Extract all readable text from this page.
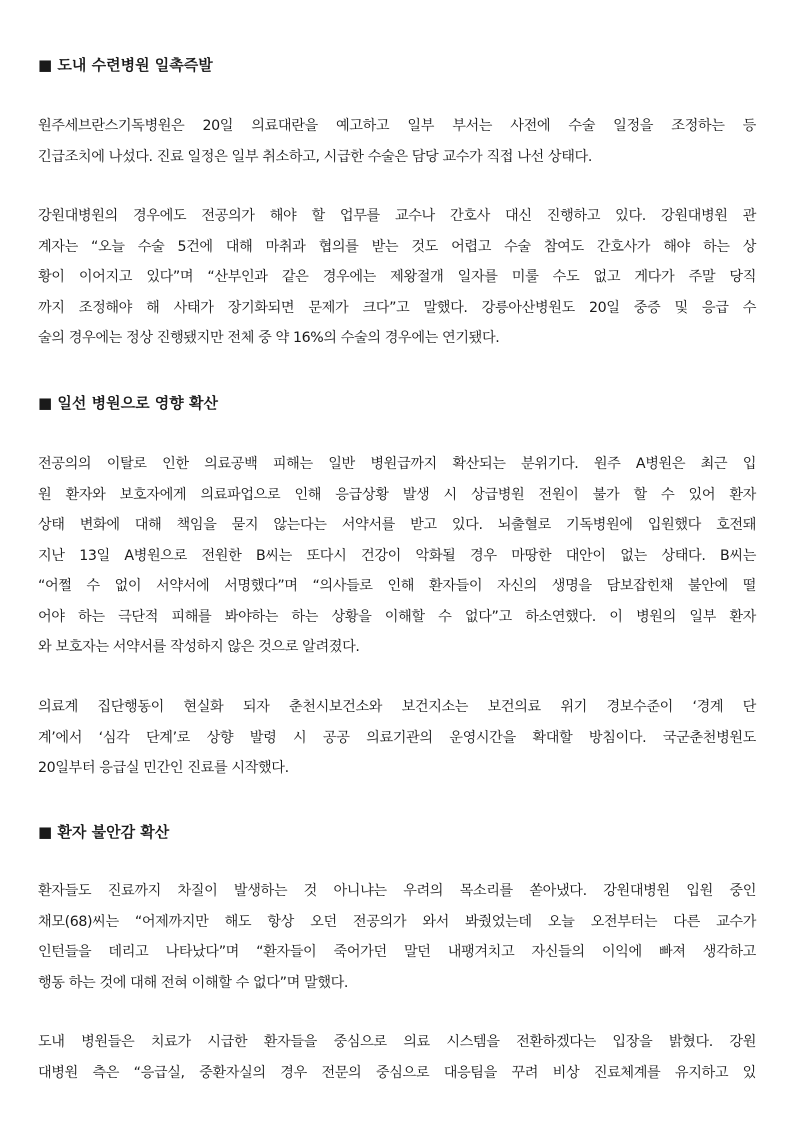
■ 도내 수련병원 일촉즉발
원주세브란스기독병원은 20일 의료대란을 예고하고 일부 부서는 사전에 수술 일정을 조정하는 등
긴급조치에 나섰다. 진료 일정은 일부 취소하고, 시급한 수술은 담당 교수가 직접 나선 상태다.
강원대병원의 경우에도 전공의가 해야 할 업무를 교수나 간호사 대신 진행하고 있다. 강원대병원 관
계자는 “오늘 수술 5건에 대해 마취과 협의를 받는 것도 어렵고 수술 참여도 간호사가 해야 하는 상
황이 이어지고 있다”며 “산부인과 같은 경우에는 제왕절개 일자를 미룰 수도 없고 게다가 주말 당직
까지 조정해야 해 사태가 장기화되면 문제가 크다”고 말했다. 강릉아산병원도 20일 중증 및 응급 수
술의 경우에는 정상 진행됐지만 전체 중 약 16%의 수술의 경우에는 연기됐다.
■ 일선 병원으로 영향 확산
전공의의 이탈로 인한 의료공백 피해는 일반 병원급까지 확산되는 분위기다. 원주 A병원은 최근 입
원 환자와 보호자에게 의료파업으로 인해 응급상황 발생 시 상급병원 전원이 불가 할 수 있어 환자
상태 변화에 대해 책임을 묻지 않는다는 서약서를 받고 있다. 뇌출혈로 기독병원에 입원했다 호전돼
지난 13일 A병원으로 전원한 B씨는 또다시 건강이 악화될 경우 마땅한 대안이 없는 상태다. B씨는
“어쩔 수 없이 서약서에 서명했다”며 “의사들로 인해 환자들이 자신의 생명을 담보잡힌채 불안에 떨
어야 하는 극단적 피해를 봐야하는 하는 상황을 이해할 수 없다”고 하소연했다. 이 병원의 일부 환자
와 보호자는 서약서를 작성하지 않은 것으로 알려졌다.
의료계 집단행동이 현실화 되자 춘천시보건소와 보건지소는 보건의료 위기 경보수준이 ‘경계 단
계’에서 ‘심각 단계’로 상향 발령 시 공공 의료기관의 운영시간을 확대할 방침이다. 국군춘천병원도
20일부터 응급실 민간인 진료를 시작했다.
■ 환자 불안감 확산
환자들도 진료까지 차질이 발생하는 것 아니냐는 우려의 목소리를 쏟아냈다. 강원대병원 입원 중인
채모(68)씨는 “어제까지만 해도 항상 오던 전공의가 와서 봐줬었는데 오늘 오전부터는 다른 교수가
인턴들을 데리고 나타났다”며 “환자들이 죽어가던 말던 내팽겨치고 자신들의 이익에 빠져 생각하고
행동 하는 것에 대해 전혀 이해할 수 없다”며 말했다.
도내 병원들은 치료가 시급한 환자들을 중심으로 의료 시스템을 전환하겠다는 입장을 밝혔다. 강원
대병원 측은 “응급실, 중환자실의 경우 전문의 중심으로 대응팀을 꾸려 비상 진료체계를 유지하고 있
